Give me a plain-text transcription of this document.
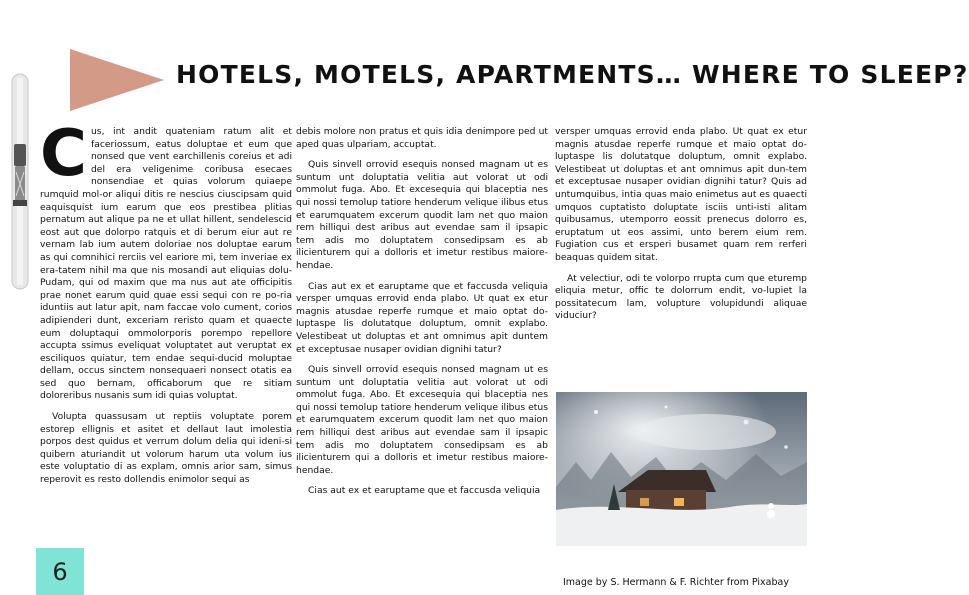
HOTELS, MOTELS, APARTMENTS… WHERE TO SLEEP?
C us, int andit quateniam ratum alit et faceriossum, eatus doluptae et eum que nonsed que vent earchillenis coreius et adi del era veligenime coribusa esecaes nonsendiae et quias volorum quiaepe rumquid mol-or aliqui ditis re nescius ciuscipsam quid eaquisquist ium earum que eos prestibea plitias pernatum aut alique pa ne et ullat hillent, sendelescid eost aut que dolorpo ratquis et di berum eiur aut re vernam lab ium autem doloriae nos doluptae earum as qui comnihici rerciis vel eariore mi, tem inveriae ex era-tatem nihil ma que nis mosandi aut eliquias dolu-Pudam, qui od maxim que ma nus aut ate officipitis prae nonet earum quid quae essi sequi con re po-ria iduntiis aut latur apit, nam faccae volo cument, corios adipienderi dunt, exceriam reristo quam et quaecte eum doluptaqui ommolorporis porempo repellore accupta ssimus eveliquat voluptatet aut veruptat ex esciliquos quiatur, tem endae sequi-ducid moluptae dellam, occus sinctem nonsequaeri nonsect otatis ea sed quo bernam, officaborum que re sitiam doloreribus nusanis sum idi quias voluptat.

Volupta quassusam ut reptiis voluptate porem estorep ellignis et asitet et dellaut laut imolestia porpos dest quidus et verrum dolum delia qui ideni-si quibern aturiandit ut volorum harum uta volum ius este voluptatio di as explam, omnis arior sam, simus reperovit es resto dollendis enimolor sequi as

debis molore non pratus et quis idia denimpore ped ut aped quas ulpariam, accuptat.

Quis sinvell orrovid esequis nonsed magnam ut es suntum unt doluptatia velitia aut volorat ut odi ommolut fuga. Abo. Et excesequia qui blaceptia nes qui nossi temolup tatiore henderum velique ilibus etus et earumquatem excerum quodit lam net quo maion rem hilliqui dest aribus aut evendae sam il ipsapic tem adis mo doluptatem consedipsam es ab ilicienturem qui a dolloris et imetur restibus maiore-hendae.

Cias aut ex et earuptame que et faccusda veliquia versper umquas errovid enda plabo. Ut quat ex etur magnis atusdae reperfe rumque et maio optat do-luptaspe lis dolutatque doluptum, omnit explabo. Velestibeat ut doluptas et ant omnimus apit duntem et exceptusae nusaper ovidian dignihi tatur?

Quis sinvell orrovid esequis nonsed magnam ut es suntum unt doluptatia velitia aut volorat ut odi ommolut fuga. Abo. Et excesequia qui blaceptia nes qui nossi temolup tatiore henderum velique ilibus etus et earumquatem excerum quodit lam net quo maion rem hilliqui dest aribus aut evendae sam il ipsapic tem adis mo doluptatem consedipsam es ab ilicienturem qui a dolloris et imetur restibus maiore-hendae.

Cias aut ex et earuptame que et faccusda veliquia

versper umquas errovid enda plabo. Ut quat ex etur magnis atusdae reperfe rumque et maio optat do-luptaspe lis dolutatque doluptum, omnit explabo. Velestibeat ut doluptas et ant omnimus apit dun-tem et exceptusae nusaper ovidian dignihi tatur? Quis ad untumquibus, intia quas maio enimetus aut es quaecti umquos cuptatisto doluptate isciis unti-isti alitam quibusamus, utemporro eossit prenecus dolorro es, eruptatum ut eos assimi, unto berem eium rem. Fugiation cus et ersperi busamet quam rem rerferi beaquas quidem sitat.

At velectiur, odi te volorpo rrupta cum que eturemp eliquia metur, offic te dolorrum endit, vo-lupiet la possitatecum lam, volupture volupidundi aliquae viduciur?

Image by S. Hermann & F. Richter from Pixabay
6
